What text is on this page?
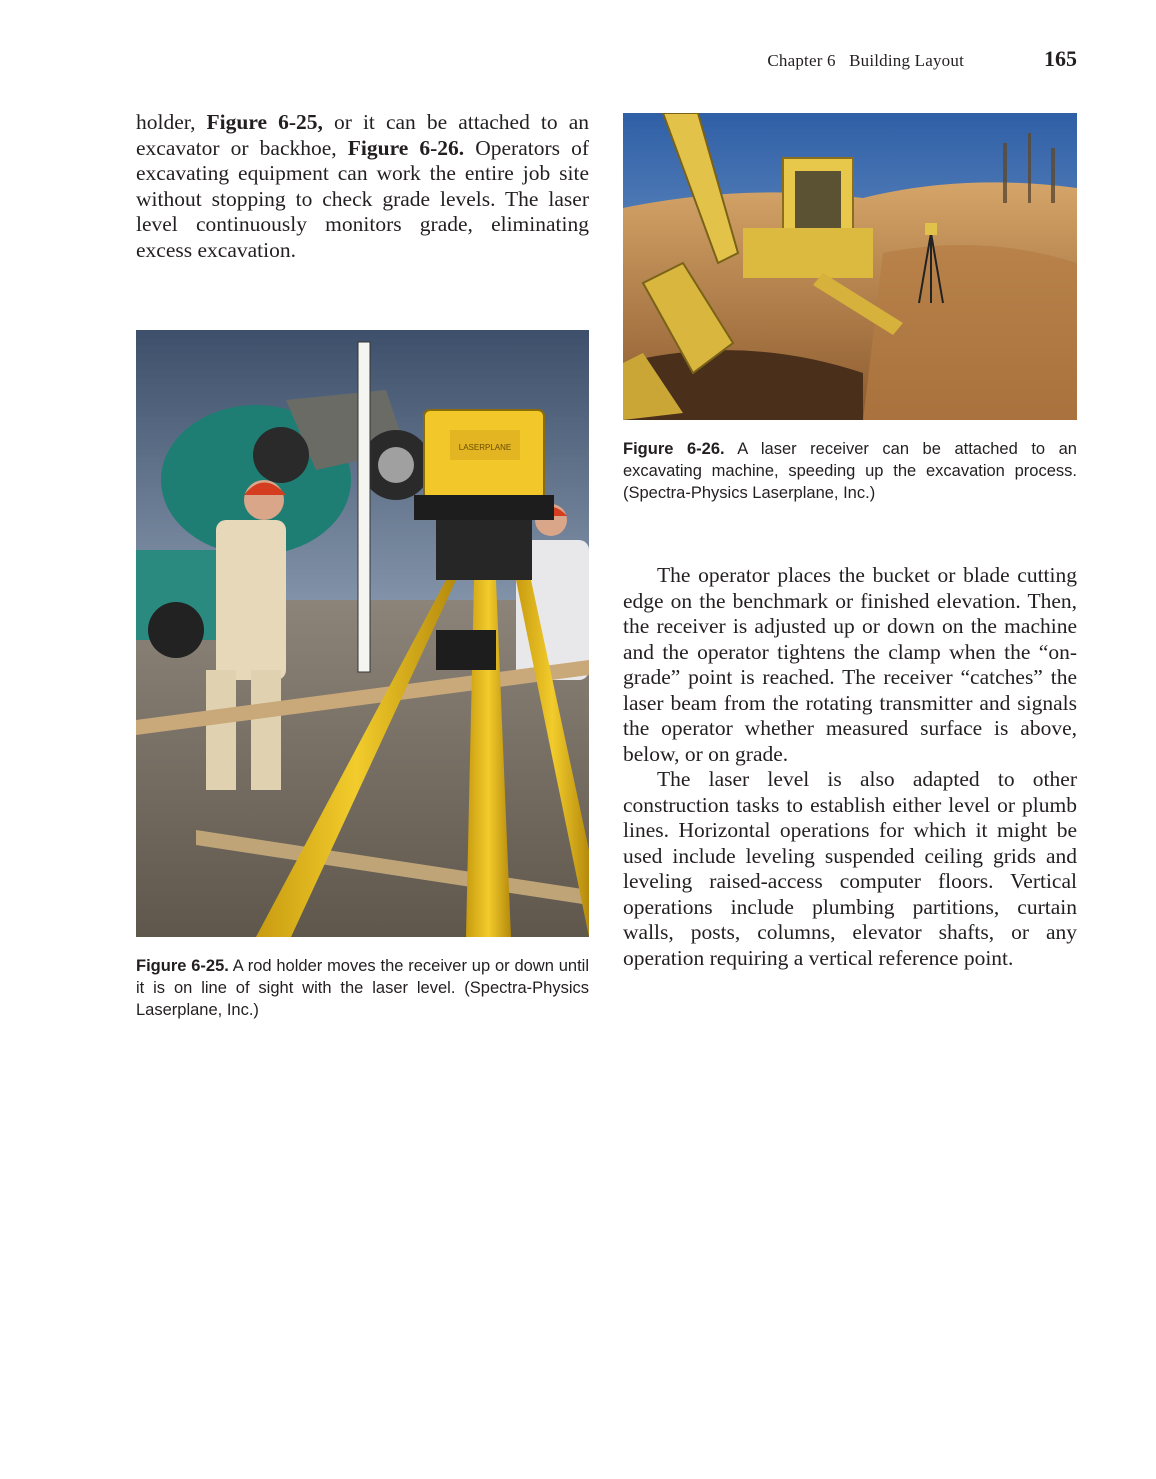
Chapter 6 Building Layout	165

holder, Figure 6-25, or it can be attached to an excavator or backhoe, Figure 6-26. Operators of excavating equipment can work the entire job site without stopping to check grade levels. The laser level continuously monitors grade, eliminating excess excavation.

Figure 6-26. A laser receiver can be attached to an excavating machine, speeding up the excavation process. (Spectra-Physics Laserplane, Inc.)

LASERPLANE

Figure 6-25. A rod holder moves the receiver up or down until it is on line of sight with the laser level. (Spectra-Physics Laserplane, Inc.)

The operator places the bucket or blade cutting edge on the benchmark or finished elevation. Then, the receiver is adjusted up or down on the machine and the operator tightens the clamp when the “on-grade” point is reached. The receiver “catches” the laser beam from the rotating transmitter and signals the operator whether measured surface is above, below, or on grade.

The laser level is also adapted to other construction tasks to establish either level or plumb lines. Horizontal operations for which it might be used include leveling suspended ceiling grids and leveling raised-access computer floors. Vertical operations include plumbing partitions, curtain walls, posts, columns, elevator shafts, or any operation requiring a vertical reference point.
